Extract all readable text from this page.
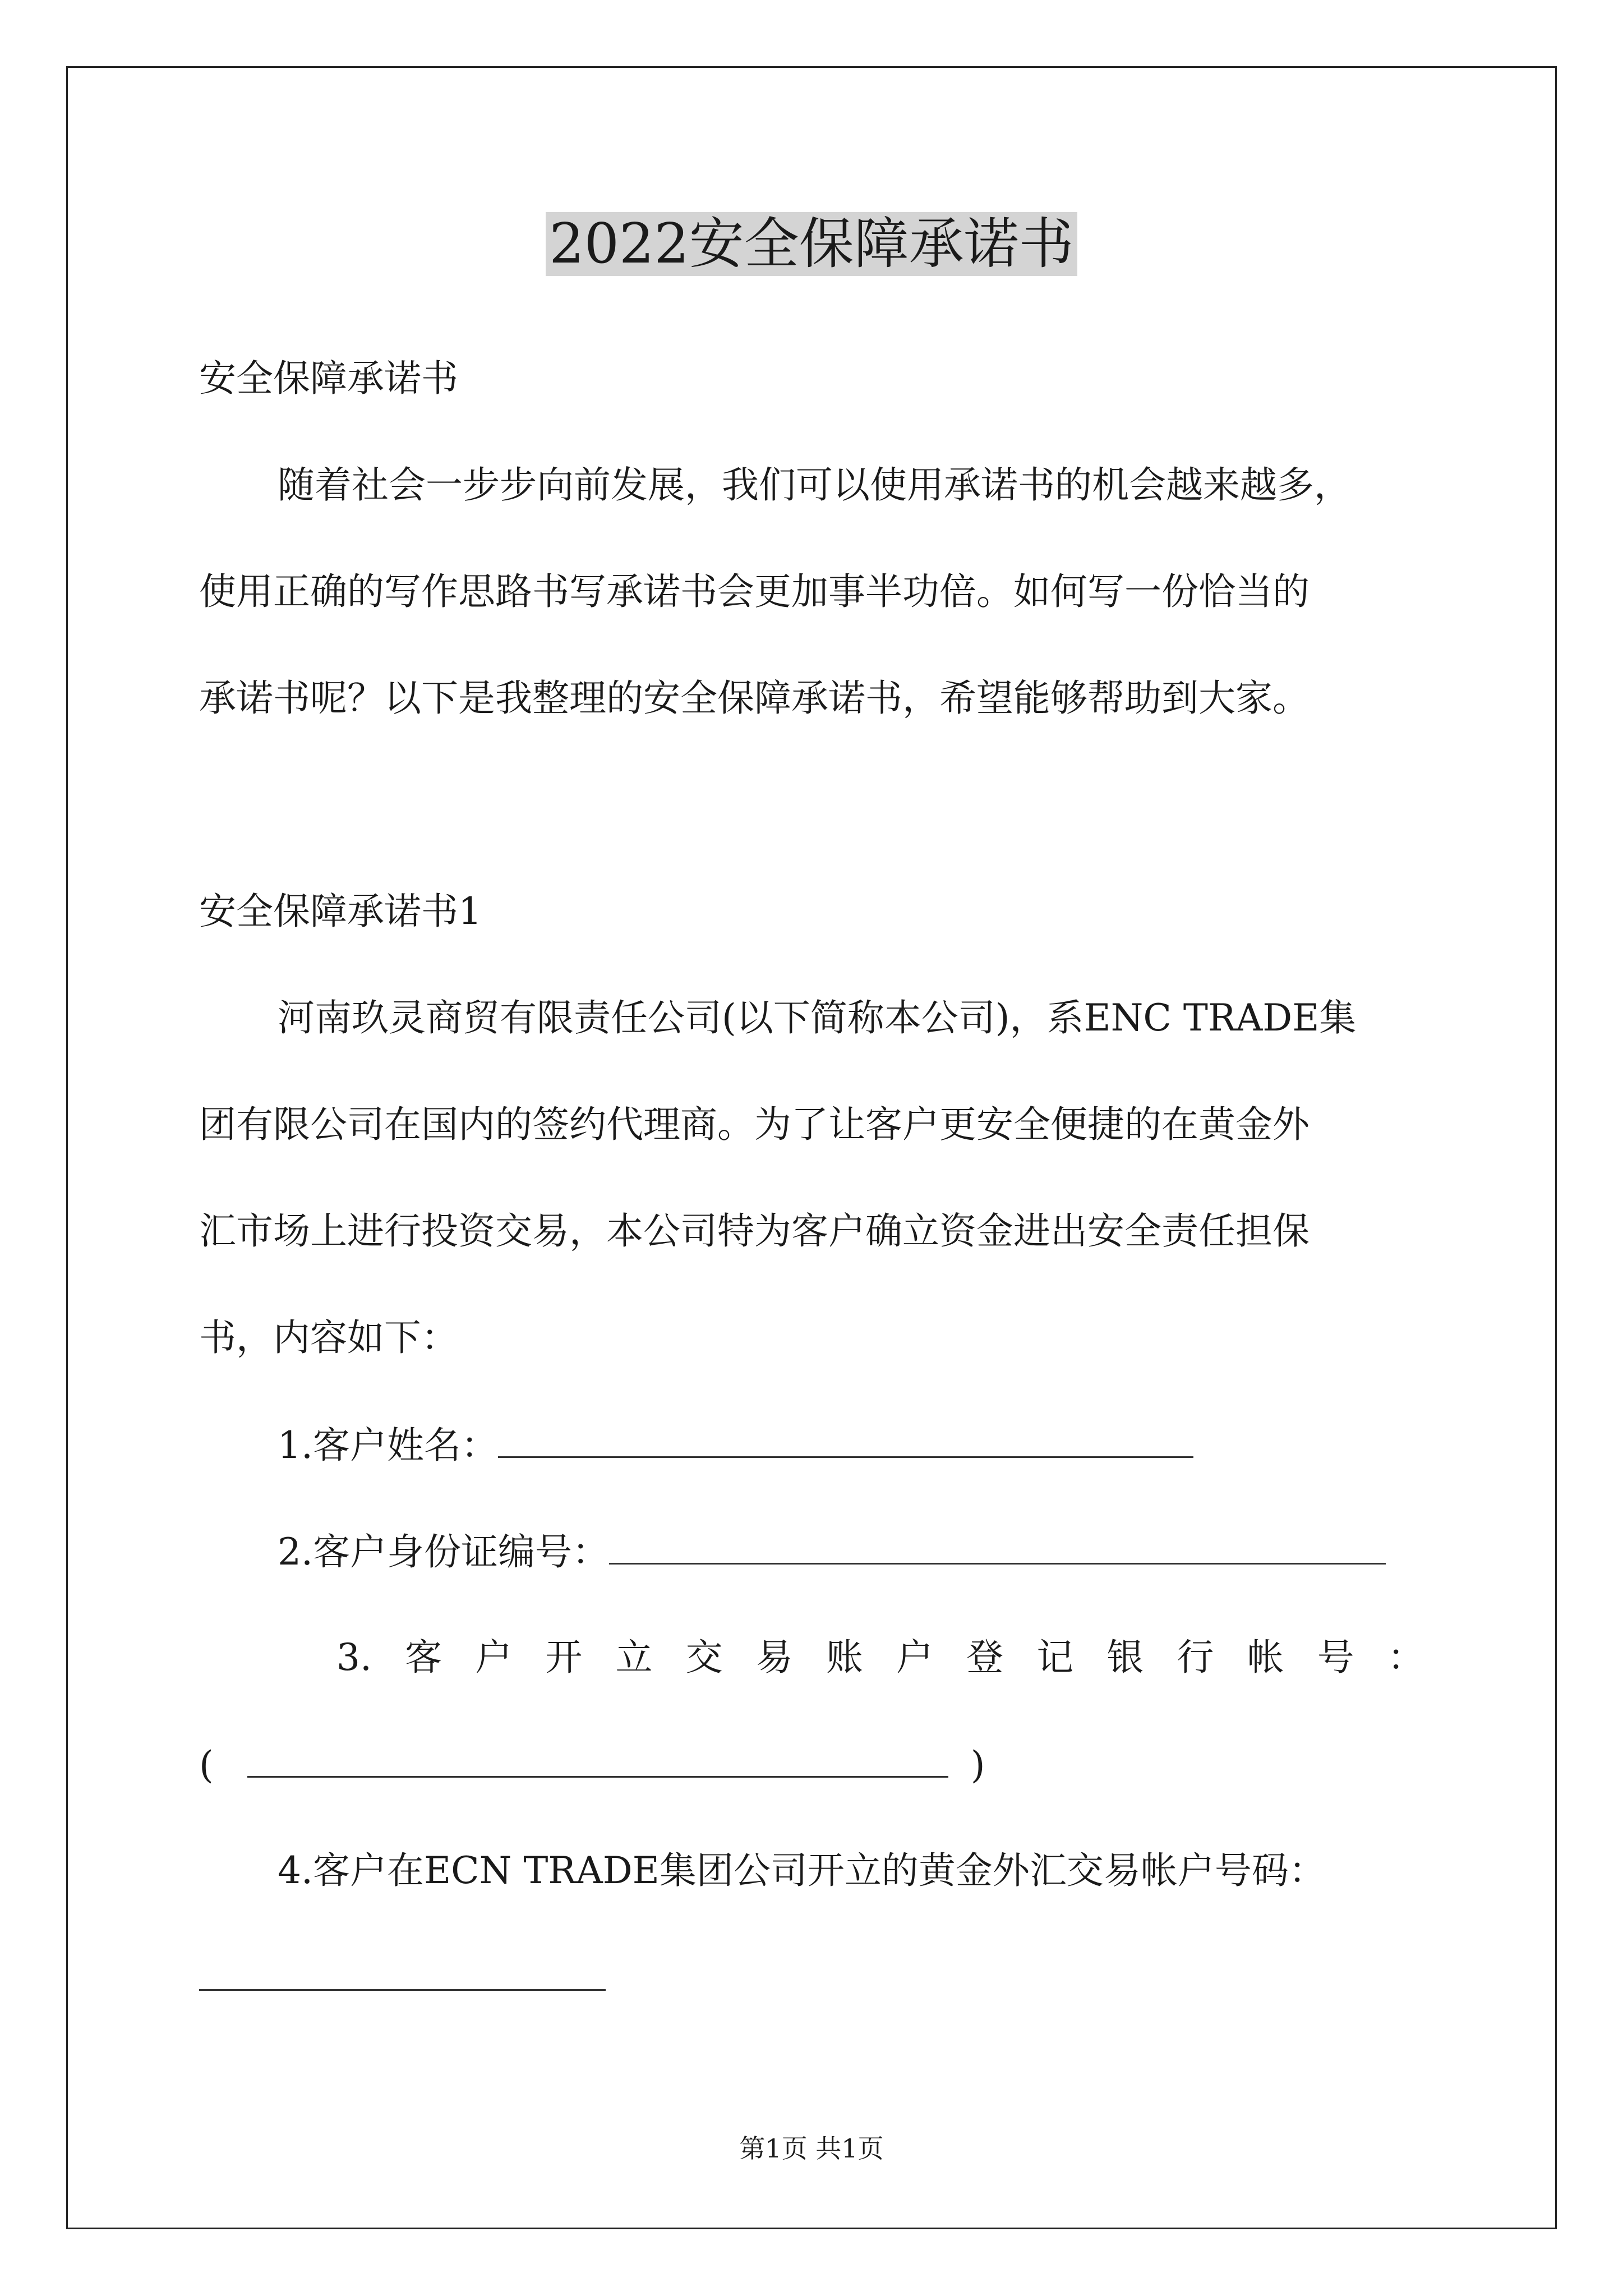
2022安全保障承诺书
安全保障承诺书
随着社会一步步向前发展，我们可以使用承诺书的机会越来越多，
使用正确的写作思路书写承诺书会更加事半功倍。如何写一份恰当的
承诺书呢？以下是我整理的安全保障承诺书，希望能够帮助到大家。
安全保障承诺书1
河南玖灵商贸有限责任公司(以下简称本公司)，系ENC TRADE集
团有限公司在国内的签约代理商。为了让客户更安全便捷的在黄金外
汇市场上进行投资交易，本公司特为客户确立资金进出安全责任担保
书，内容如下：
1.客户姓名：
2.客户身份证编号：
3. 客 户 开 立 交 易 账 户 登 记 银 行 帐 号 ：
(	)
4.客户在ECN TRADE集团公司开立的黄金外汇交易帐户号码：
第1页 共1页
